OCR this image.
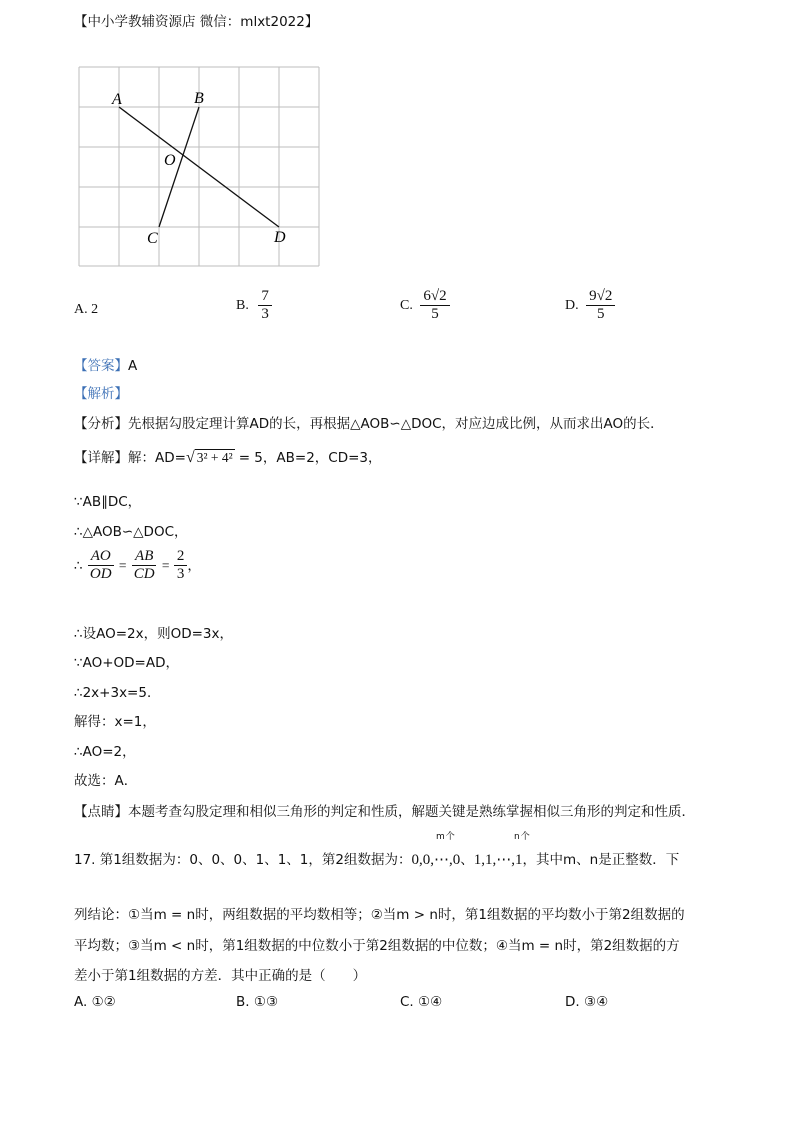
【中小学教辅资源店 微信：mlxt2022】
A	B
O
C	D
A. 2	B. $\frac{7}{3}$	C. $\frac{6√2}{5}$	D. $\frac{9√2}{5}$
【答案】A
【解析】
【分析】先根据勾股定理计算AD的长，再根据△AOB∽△DOC，对应边成比例，从而求出AO的长．
【详解】解：AD=√ 3² + 4² = 5，AB=2，CD=3，
∵AB∥DC，
∴△AOB∽△DOC，
∴ $\frac{AO}{OD} = \frac{AB}{CD} = \frac{2}{3}$ ，
∴设AO=2x，则OD=3x，
∵AO+OD=AD，
∴2x+3x=5．
解得：x=1，
∴AO=2，
故选：A．
【点睛】本题考查勾股定理和相似三角形的判定和性质，解题关键是熟练掌握相似三角形的判定和性质．
m个	n个
17. 第1组数据为：0、0、0、1、1、1，第2组数据为：0,0,⋯,0、1,1,⋯,1，其中m、n是正整数．下
列结论：①当m = n时，两组数据的平均数相等；②当m > n时，第1组数据的平均数小于第2组数据的
平均数；③当m < n时，第1组数据的中位数小于第2组数据的中位数；④当m = n时，第2组数据的方
差小于第1组数据的方差．其中正确的是（　　）
A. ①②	B. ①③	C. ①④	D. ③④
